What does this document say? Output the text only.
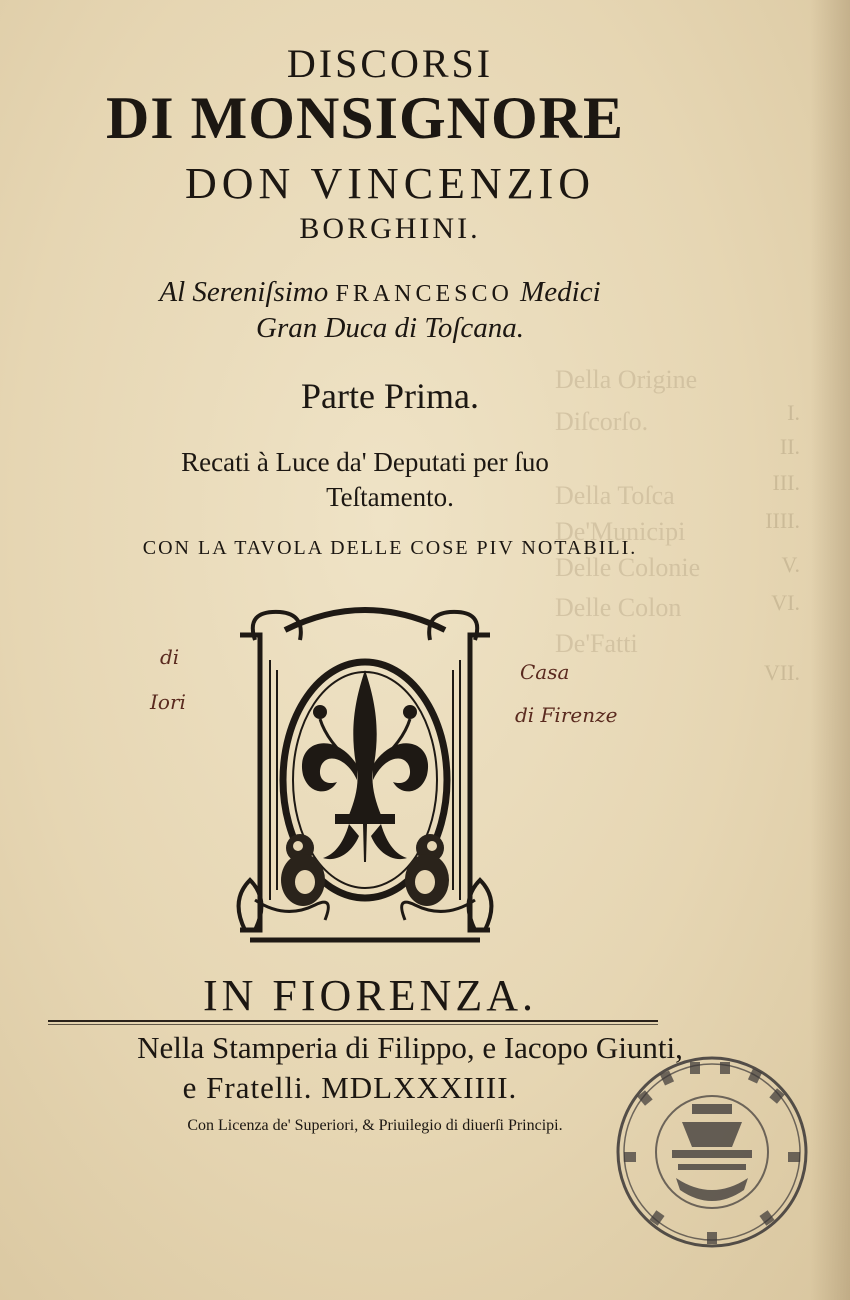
Della Origine
Diſcorſo.
Della Toſca
De'Municipi
Delle Colonie
Delle Colon
De'Fatti
I.
II.
III.
IIII.
V.
VI.
VII.
DISCORSI
DI MONSIGNORE
DON VINCENZIO
BORGHINI.
Al Sereniſsimo FRANCESCO Medici
Gran Duca di Toſcana.
Parte Prima.
Recati à Luce da' Deputati per ſuo
Teſtamento.
CON LA TAVOLA DELLE COSE PIV NOTABILI.
di
Iori
Casa
di Firenze
IN FIORENZA.
Nella Stamperia di Filippo, e Iacopo Giunti,
e Fratelli. MDLXXXIIII.
Con Licenza de' Superiori, & Priuilegio di diuerſi Principi.
